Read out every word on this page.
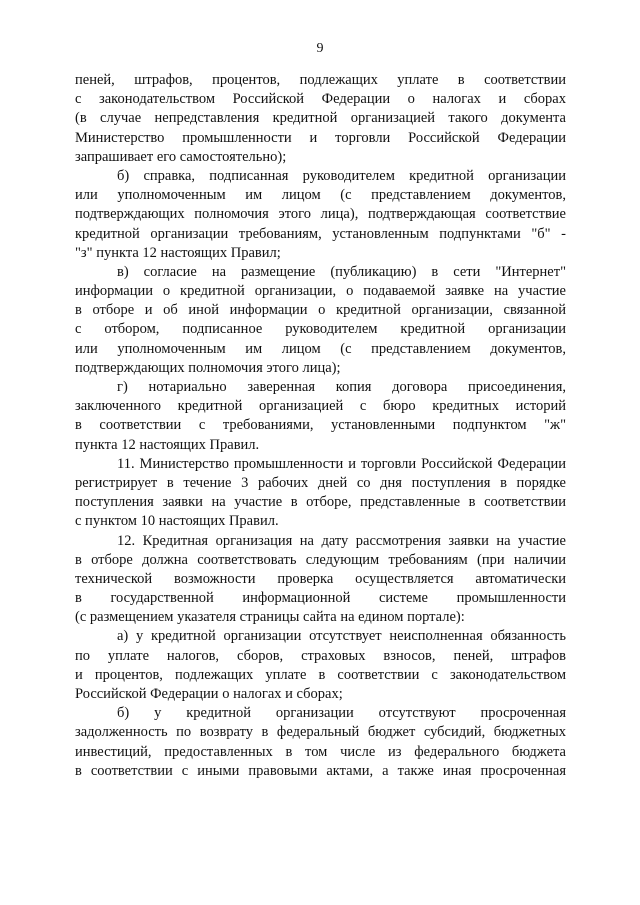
9
пеней, штрафов, процентов, подлежащих уплате в соответствии
с законодательством Российской Федерации о налогах и сборах
(в случае непредставления кредитной организацией такого документа
Министерство промышленности и торговли Российской Федерации
запрашивает его самостоятельно);
б) справка, подписанная руководителем кредитной организации
или уполномоченным им лицом (с представлением документов,
подтверждающих полномочия этого лица), подтверждающая соответствие
кредитной организации требованиям, установленным подпунктами "б" -
"з" пункта 12 настоящих Правил;
в) согласие на размещение (публикацию) в сети "Интернет"
информации о кредитной организации, о подаваемой заявке на участие
в отборе и об иной информации о кредитной организации, связанной
с отбором, подписанное руководителем кредитной организации
или уполномоченным им лицом (с представлением документов,
подтверждающих полномочия этого лица);
г) нотариально заверенная копия договора присоединения,
заключенного кредитной организацией с бюро кредитных историй
в соответствии с требованиями, установленными подпунктом "ж"
пункта 12 настоящих Правил.
11. Министерство промышленности и торговли Российской Федерации
регистрирует в течение 3 рабочих дней со дня поступления в порядке
поступления заявки на участие в отборе, представленные в соответствии
с пунктом 10 настоящих Правил.
12. Кредитная организация на дату рассмотрения заявки на участие
в отборе должна соответствовать следующим требованиям (при наличии
технической возможности проверка осуществляется автоматически
в государственной информационной системе промышленности
(с размещением указателя страницы сайта на едином портале):
а) у кредитной организации отсутствует неисполненная обязанность
по уплате налогов, сборов, страховых взносов, пеней, штрафов
и процентов, подлежащих уплате в соответствии с законодательством
Российской Федерации о налогах и сборах;
б) у кредитной организации отсутствуют просроченная
задолженность по возврату в федеральный бюджет субсидий, бюджетных
инвестиций, предоставленных в том числе из федерального бюджета
в соответствии с иными правовыми актами, а также иная просроченная
